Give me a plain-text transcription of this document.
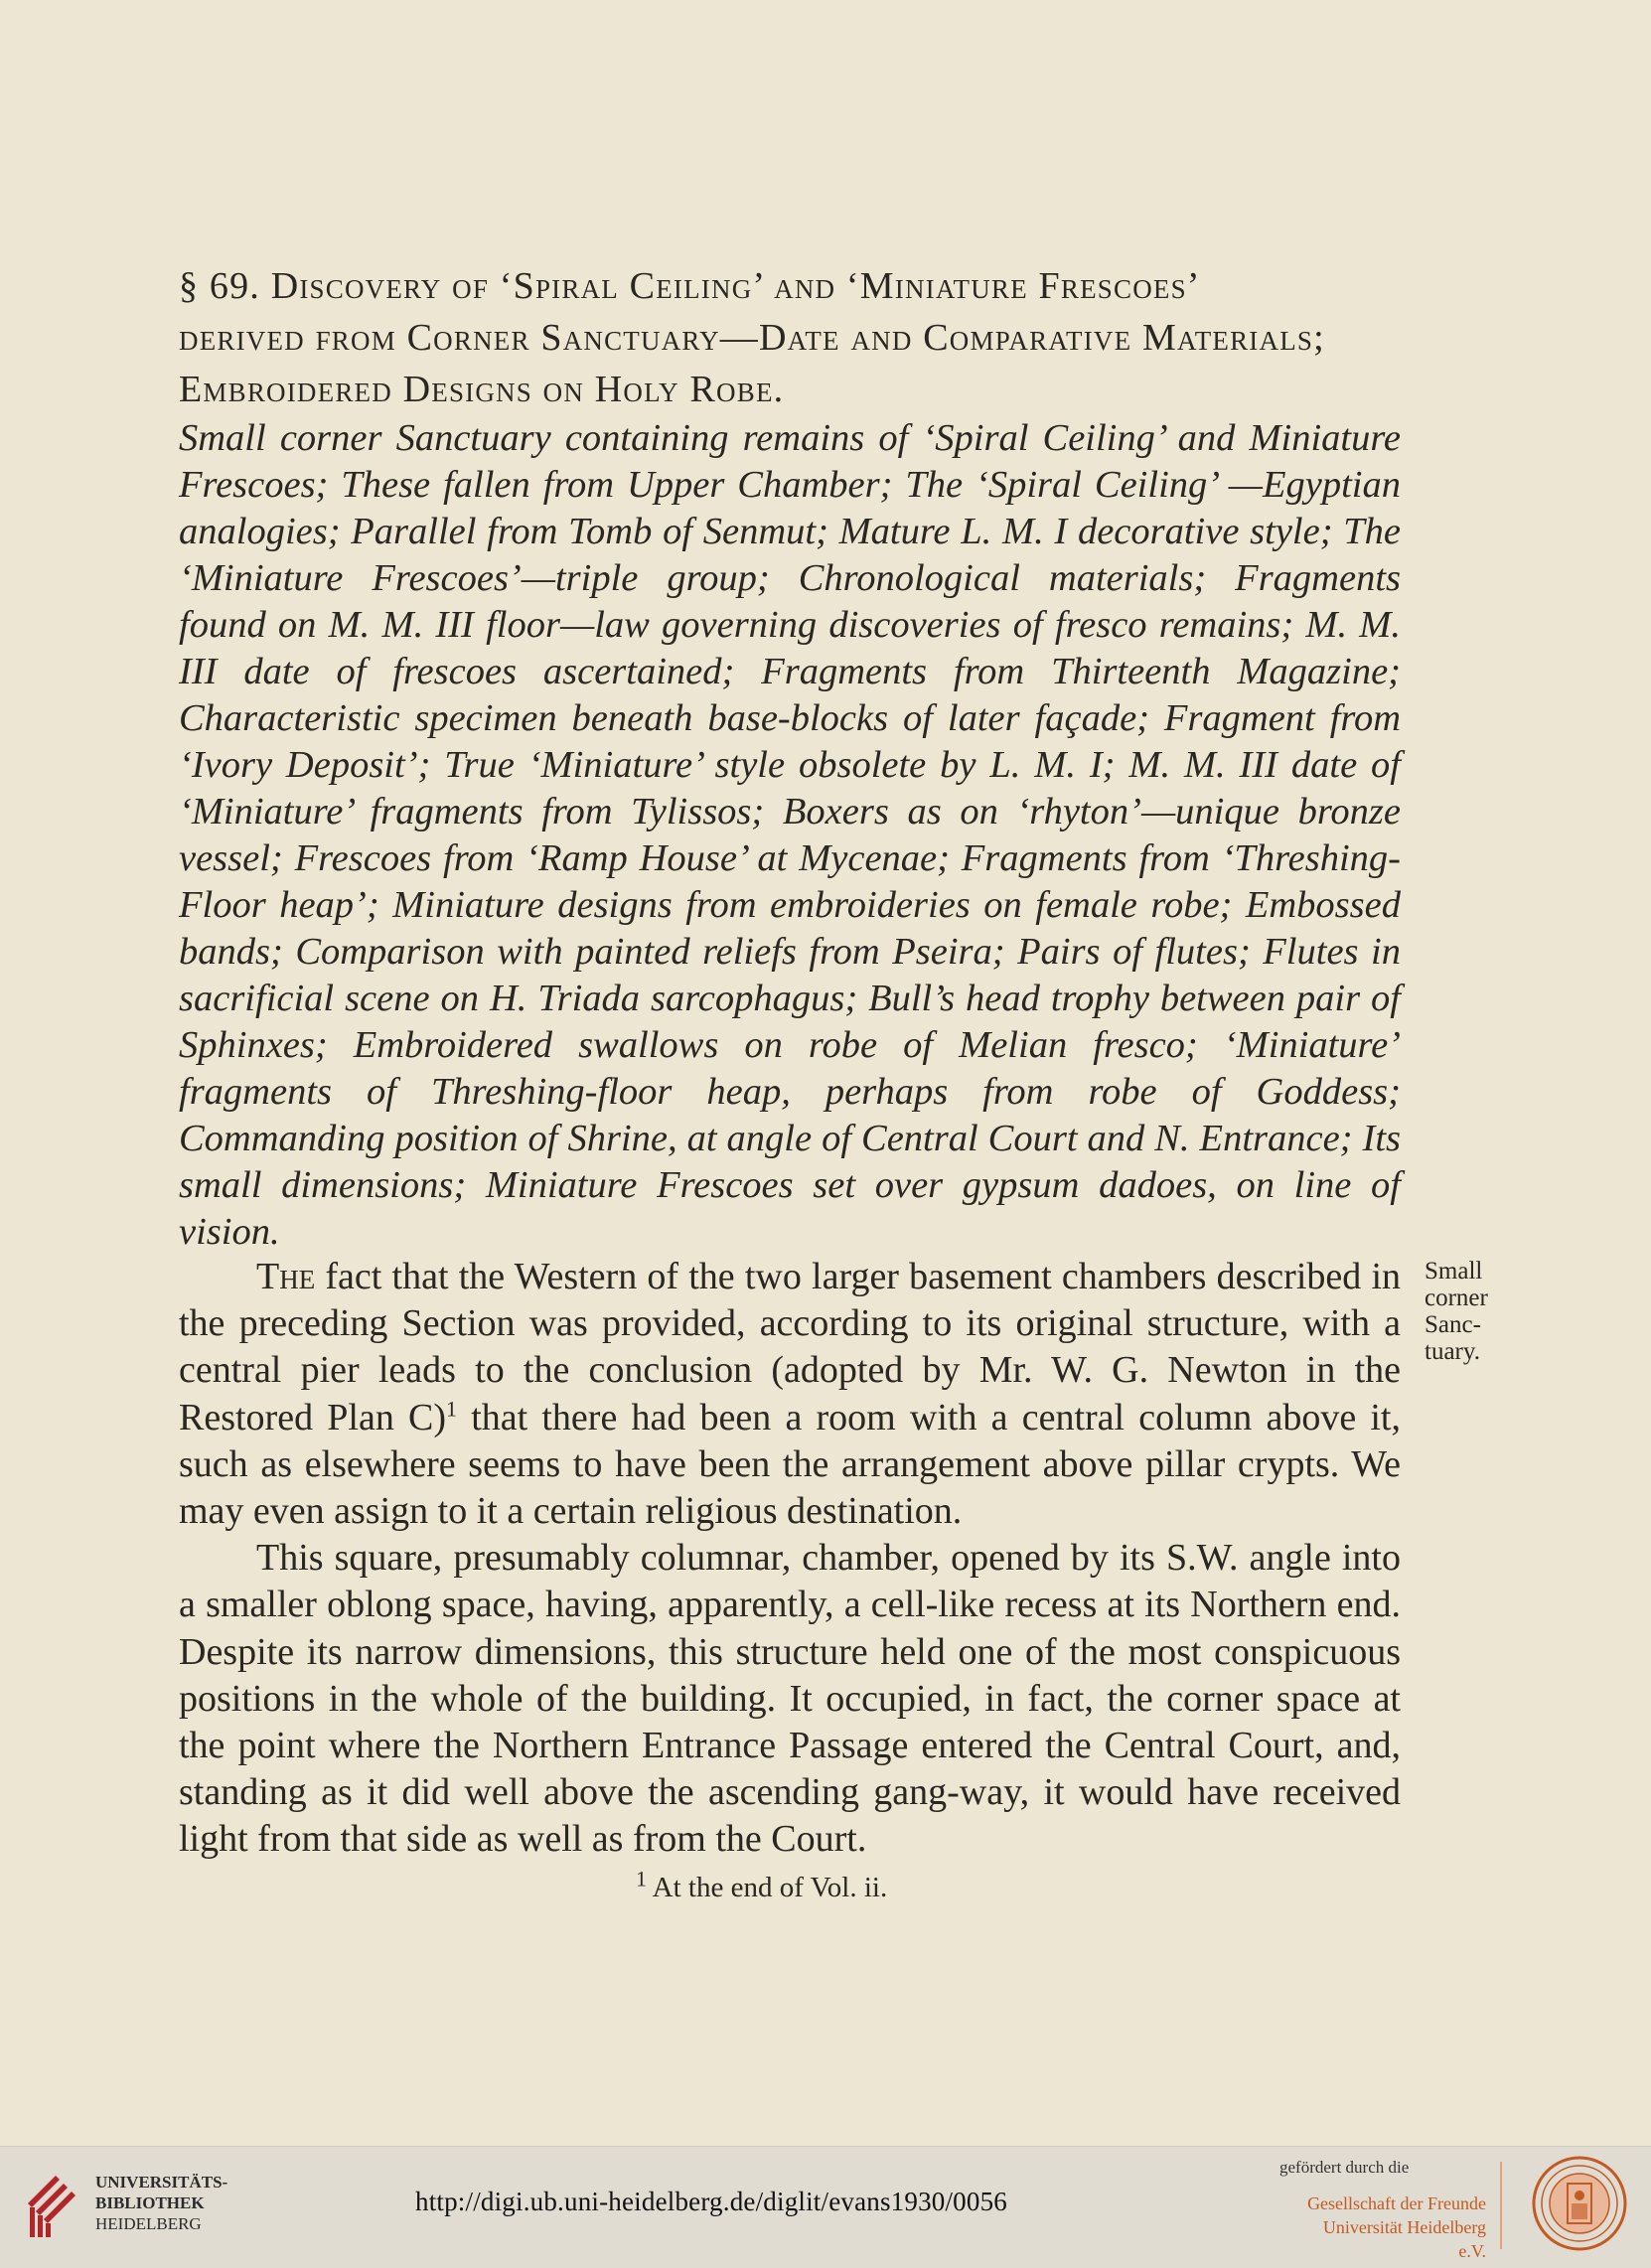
§ 69. Discovery of ‘Spiral Ceiling’ and ‘Miniature Frescoes’
derived from Corner Sanctuary—Date and Comparative Materials;
Embroidered Designs on Holy Robe.
Small corner Sanctuary containing remains of ‘Spiral Ceiling’ and Miniature Frescoes; These fallen from Upper Chamber; The ‘Spiral Ceiling’ —Egyptian analogies; Parallel from Tomb of Senmut; Mature L. M. I decorative style; The ‘Miniature Frescoes’—triple group; Chronological materials; Fragments found on M. M. III floor—law governing discoveries of fresco remains; M. M. III date of frescoes ascertained; Fragments from Thirteenth Magazine; Characteristic specimen beneath base-blocks of later façade; Fragment from ‘Ivory Deposit’; True ‘Miniature’ style obsolete by L. M. I; M. M. III date of ‘Miniature’ fragments from Tylissos; Boxers as on ‘rhyton’—unique bronze vessel; Frescoes from ‘Ramp House’ at Mycenae; Fragments from ‘Threshing-Floor heap’; Miniature designs from embroideries on female robe; Embossed bands; Comparison with painted reliefs from Pseira; Pairs of flutes; Flutes in sacrificial scene on H. Triada sarcophagus; Bull’s head trophy between pair of Sphinxes; Embroidered swallows on robe of Melian fresco; ‘Miniature’ fragments of Threshing-floor heap, perhaps from robe of Goddess; Commanding position of Shrine, at angle of Central Court and N. Entrance; Its small dimensions; Miniature Frescoes set over gypsum dadoes, on line of vision.

The fact that the Western of the two larger basement chambers described in the preceding Section was provided, according to its original structure, with a central pier leads to the conclusion (adopted by Mr. W. G. Newton in the Restored Plan C)$^1$ that there had been a room with a central column above it, such as elsewhere seems to have been the arrangement above pillar crypts. We may even assign to it a certain religious destination.

This square, presumably columnar, chamber, opened by its S.W. angle into a smaller oblong space, having, apparently, a cell-like recess at its Northern end. Despite its narrow dimensions, this structure held one of the most conspicuous positions in the whole of the building. It occupied, in fact, the corner space at the point where the Northern Entrance Passage entered the Central Court, and, standing as it did well above the ascending gang-way, it would have received light from that side as well as from the Court.

Small
corner
Sanc-
tuary.
$^1$ At the end of Vol. ii.
UNIVERSITÄTS-
BIBLIOTHEK
HEIDELBERG
http://digi.ub.uni-heidelberg.de/diglit/evans1930/0056
gefördert durch die
Gesellschaft der Freunde
Universität Heidelberg e.V.
